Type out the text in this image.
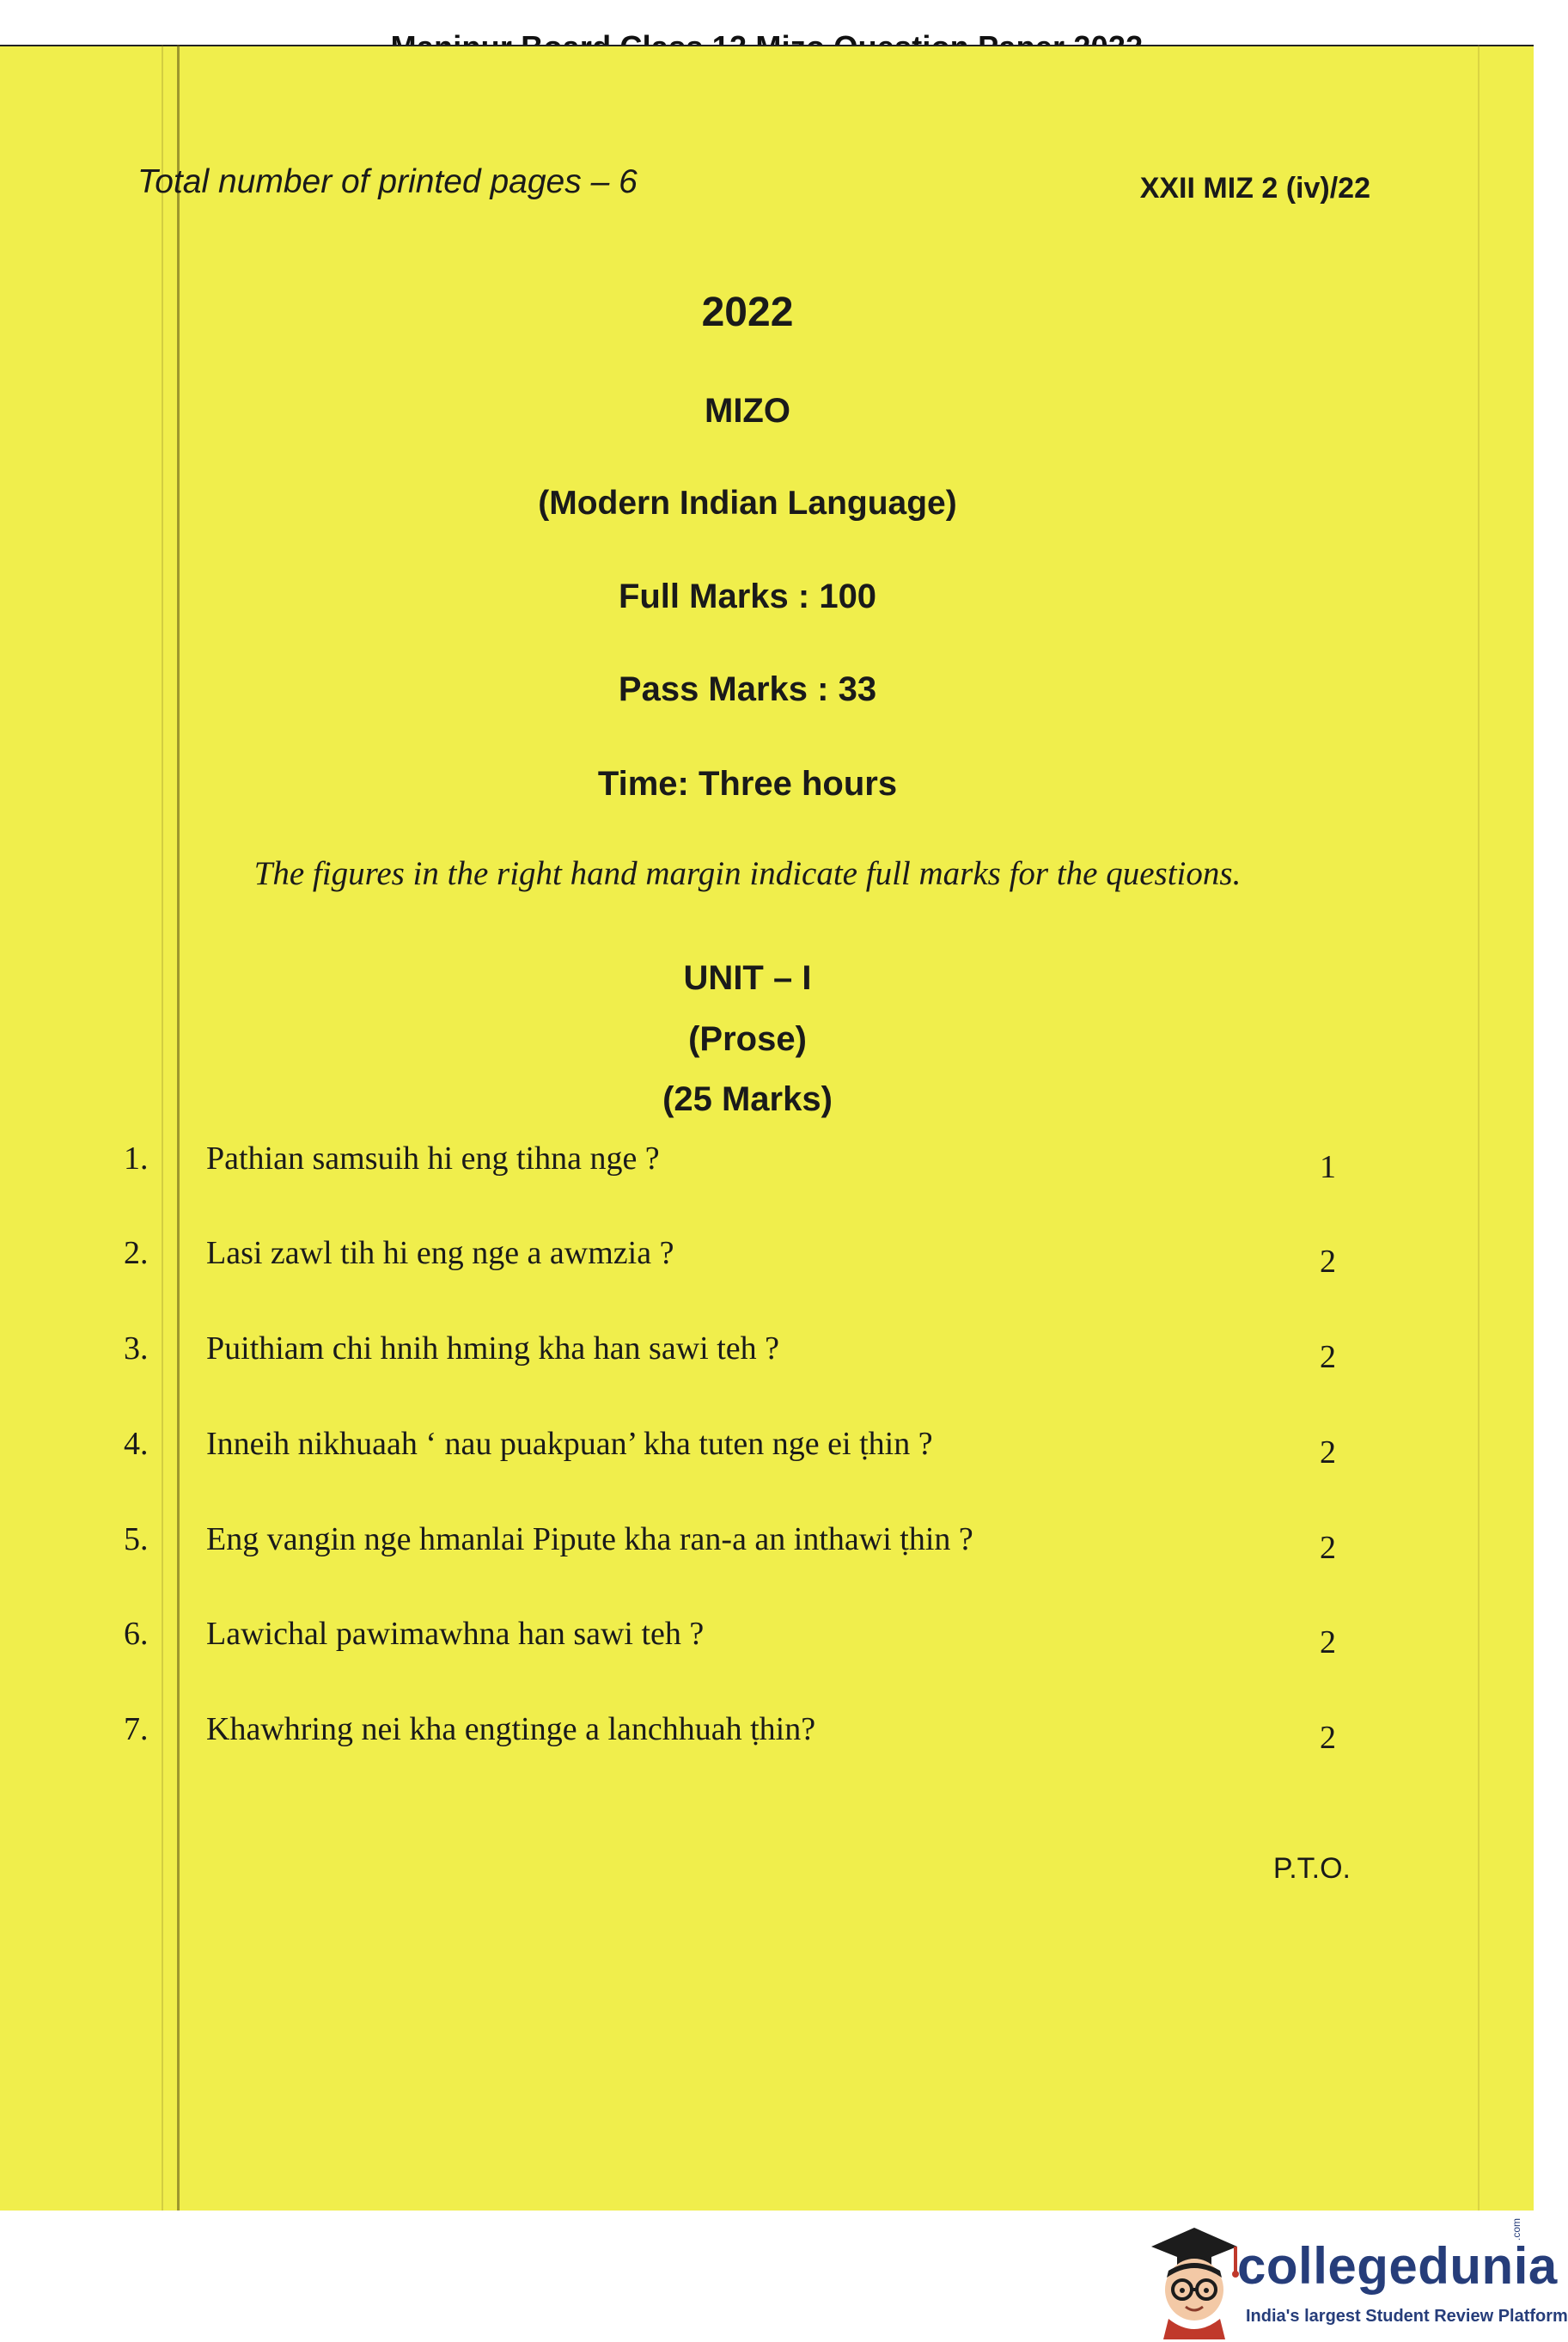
Total number of printed pages – 6	XXII MIZ 2 (iv)/22
2022
MIZO
(Modern Indian Language)
Full Marks : 100
Pass Marks : 33
Time: Three hours
The figures in the right hand margin indicate full marks for the questions.
UNIT – I
(Prose)
(25 Marks)
1. Pathian samsuih hi eng tihna nge ?	1
2. Lasi zawl tih hi eng nge a awmzia ?	2
3. Puithiam chi hnih hming kha han sawi teh ?	2
4. Inneih nikhuaah ‘ nau puakpuan’ kha tuten nge ei ṭhin ?	2
5. Eng vangin nge hmanlai Pipute kha ran-a an inthawi ṭhin ?	2
6. Lawichal pawimawhna han sawi teh ?	2
7. Khawhring nei kha engtinge a lanchhuah ṭhin?	2
P.T.O.
collegedunia
.com
India's largest Student Review Platform
